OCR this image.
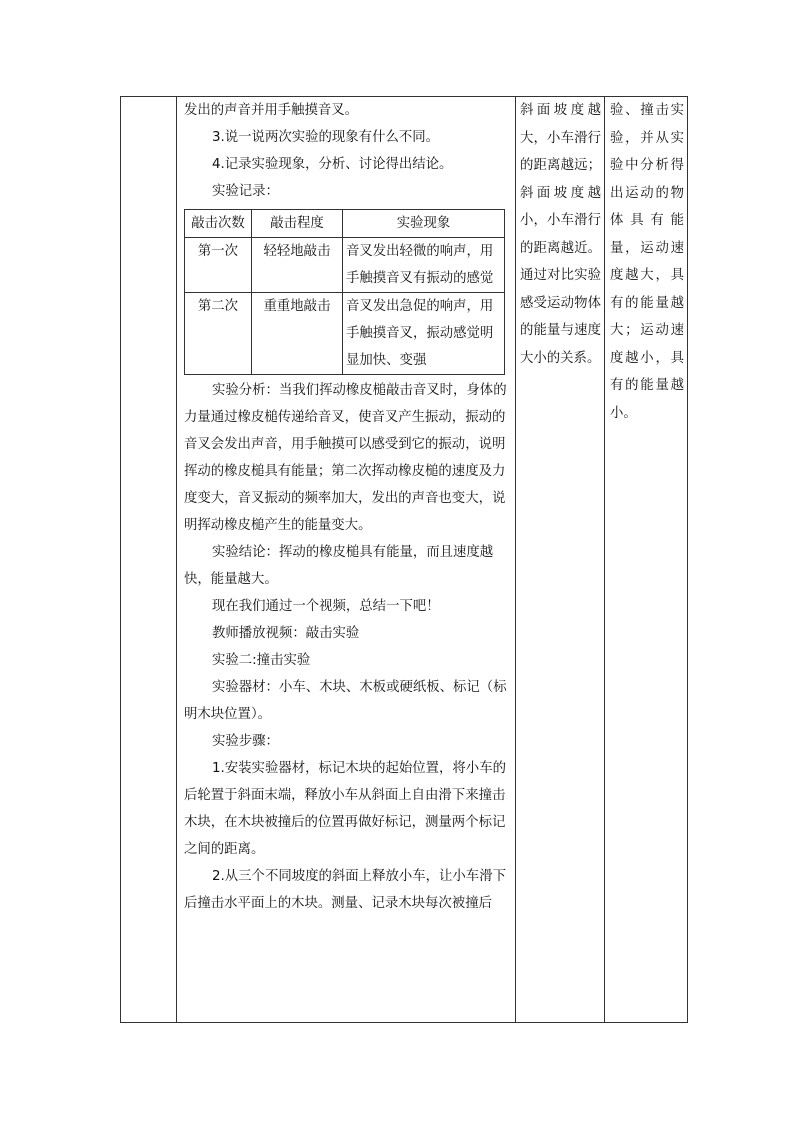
发出的声音并用手触摸音叉。

3.说一说两次实验的现象有什么不同。

4.记录实验现象，分析、讨论得出结论。

实验记录：

敲击次数	敲击程度	实验现象
第一次	轻轻地敲击	音叉发出轻微的响声，用手触摸音叉有振动的感觉
第二次	重重地敲击	音叉发出急促的响声，用手触摸音叉，振动感觉明显加快、变强

实验分析：当我们挥动橡皮槌敲击音叉时，身体的力量通过橡皮槌传递给音叉，使音叉产生振动，振动的音叉会发出声音，用手触摸可以感受到它的振动，说明挥动的橡皮槌具有能量；第二次挥动橡皮槌的速度及力度变大，音叉振动的频率加大，发出的声音也变大，说明挥动橡皮槌产生的能量变大。

实验结论：挥动的橡皮槌具有能量，而且速度越快，能量越大。

现在我们通过一个视频，总结一下吧！

教师播放视频：敲击实验

实验二:撞击实验

实验器材：小车、木块、木板或硬纸板、标记（标明木块位置）。

实验步骤：

1.安装实验器材，标记木块的起始位置，将小车的后轮置于斜面末端，释放小车从斜面上自由滑下来撞击木块，在木块被撞后的位置再做好标记，测量两个标记之间的距离。

2.从三个不同坡度的斜面上释放小车，让小车滑下

后撞击水平面上的木块。测量、记录木块每次被撞后

斜面坡度越大，小车滑行的距离越远；斜面坡度越小，小车滑行的距离越近。通过对比实验感受运动物体的能量与速度大小的关系。
验、撞击实验，并从实验中分析得出运动的物体具有能量，运动速度越大，具有的能量越大；运动速度越小，具有的能量越小。
